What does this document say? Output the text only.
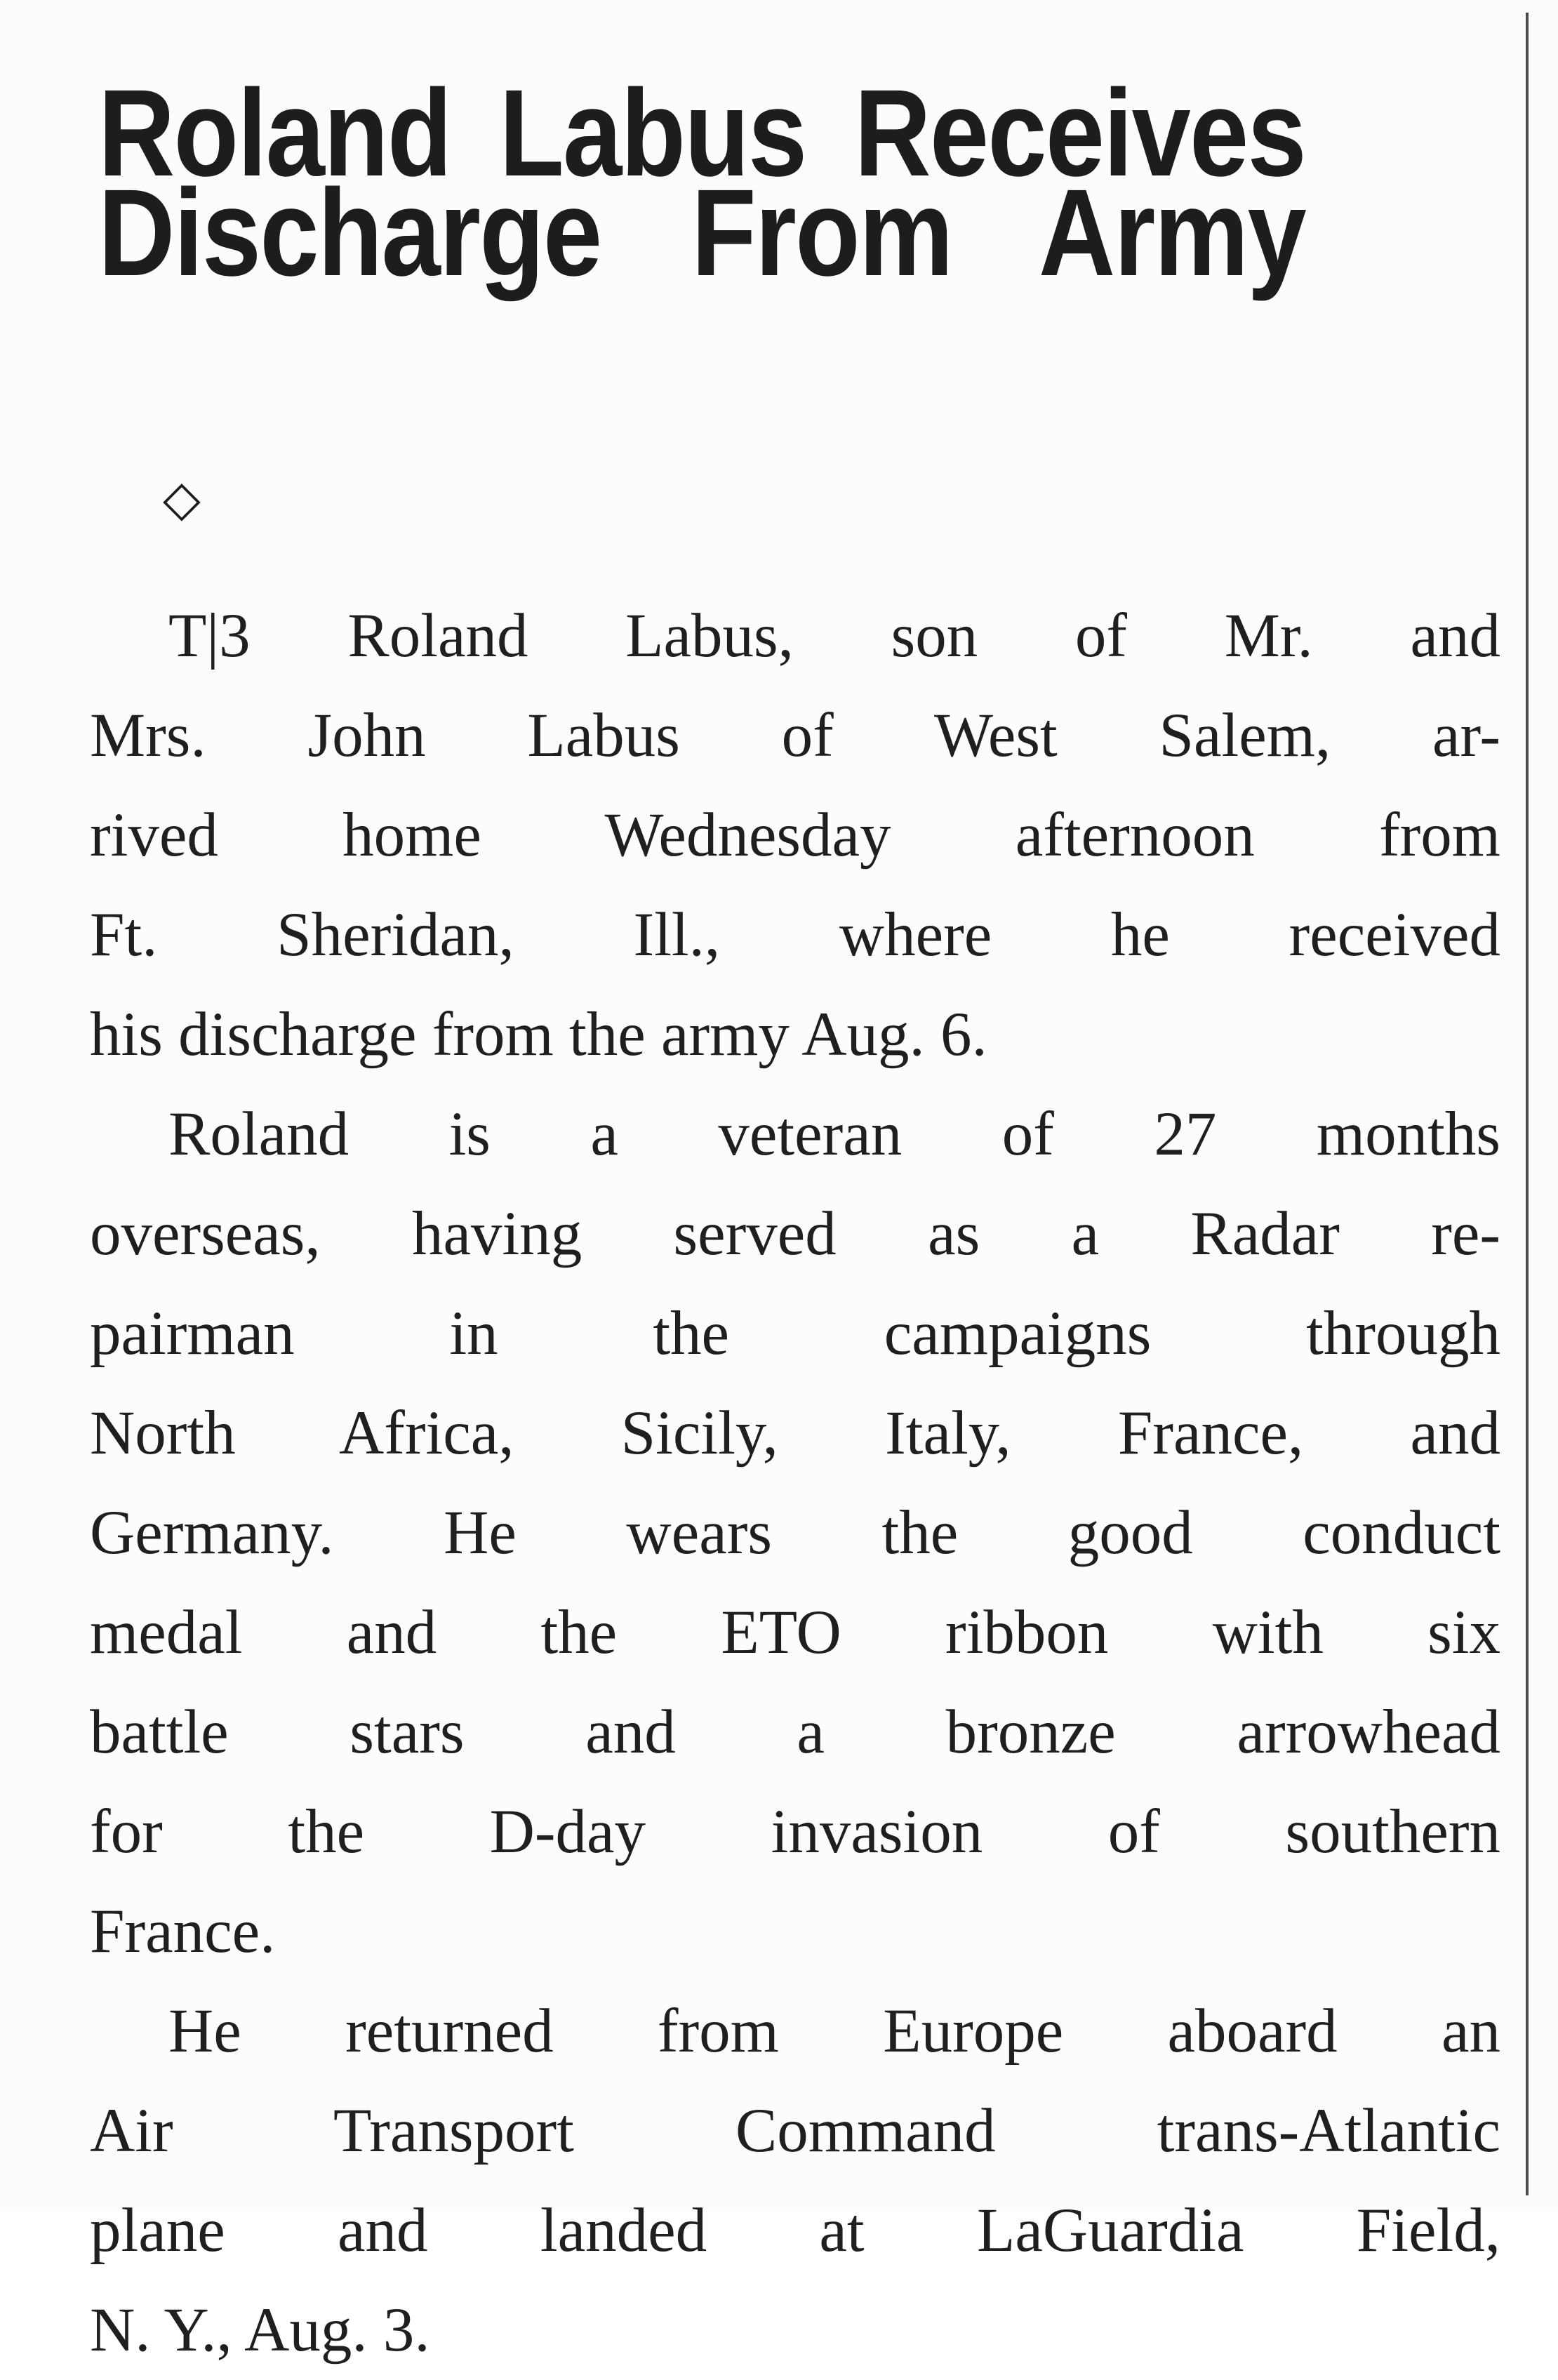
Roland Labus Receives
Discharge From Army
◇
T|3 Roland Labus, son of Mr. and
Mrs. John Labus of West Salem, ar-
rived home Wednesday afternoon from
Ft. Sheridan, Ill., where he received
his discharge from the army Aug. 6.
Roland is a veteran of 27 months
overseas, having served as a Radar re-
pairman in the campaigns through
North Africa, Sicily, Italy, France, and
Germany. He wears the good conduct
medal and the ETO ribbon with six
battle stars and a bronze arrowhead
for the D-day invasion of southern
France.
He returned from Europe aboard an
Air Transport Command trans-Atlantic
plane and landed at LaGuardia Field,
N. Y., Aug. 3.
